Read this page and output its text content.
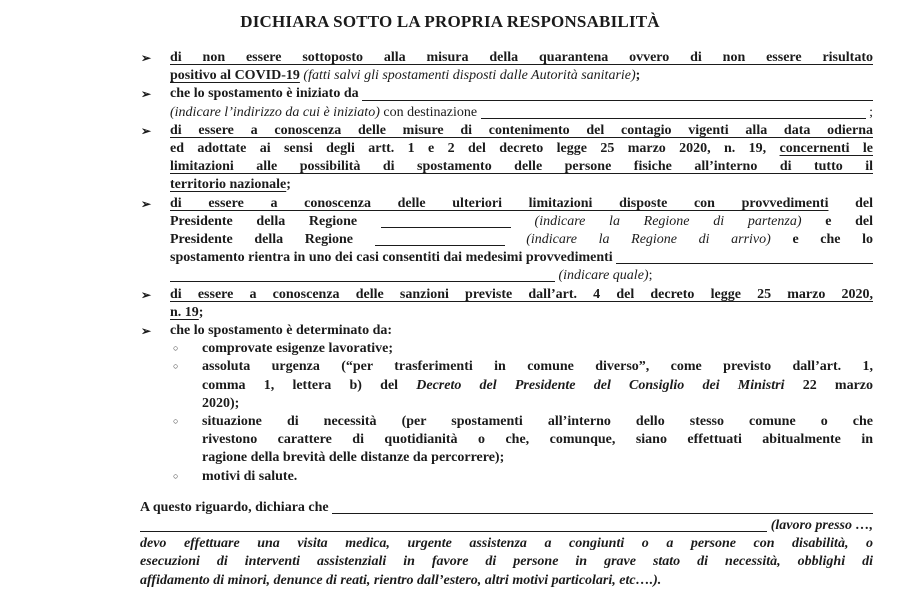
DICHIARA SOTTO LA PROPRIA RESPONSABILITÀ
➢ di non essere sottoposto alla misura della quarantena ovvero di non essere risultato
positivo al COVID-19 (fatti salvi gli spostamenti disposti dalle Autorità sanitarie);
➢ che lo spostamento è iniziato da
(indicare l’indirizzo da cui è iniziato) con destinazione	;
➢ di essere a conoscenza delle misure di contenimento del contagio vigenti alla data odierna
ed adottate ai sensi degli artt. 1 e 2 del decreto legge 25 marzo 2020, n. 19, concernenti le
limitazioni alle possibilità di spostamento delle persone fisiche all’interno di tutto il
territorio nazionale;
➢ di essere a conoscenza delle ulteriori limitazioni disposte con provvedimenti del
Presidente della Regione	(indicare la Regione di partenza) e del
Presidente della Regione	(indicare la Regione di arrivo) e che lo
spostamento rientra in uno dei casi consentiti dai medesimi provvedimenti
(indicare quale);
➢ di essere a conoscenza delle sanzioni previste dall’art. 4 del decreto legge 25 marzo 2020,
n. 19;
➢ che lo spostamento è determinato da:
○ comprovate esigenze lavorative;
○ assoluta urgenza (“per trasferimenti in comune diverso”, come previsto dall’art. 1,
comma 1, lettera b) del Decreto del Presidente del Consiglio dei Ministri 22 marzo
2020);
○ situazione di necessità (per spostamenti all’interno dello stesso comune o che
rivestono carattere di quotidianità o che, comunque, siano effettuati abitualmente in
ragione della brevità delle distanze da percorrere);
○ motivi di salute.
A questo riguardo, dichiara che
(lavoro presso …,
devo effettuare una visita medica, urgente assistenza a congiunti o a persone con disabilità, o
esecuzioni di interventi assistenziali in favore di persone in grave stato di necessità, obblighi di
affidamento di minori, denunce di reati, rientro dall’estero, altri motivi particolari, etc….).
